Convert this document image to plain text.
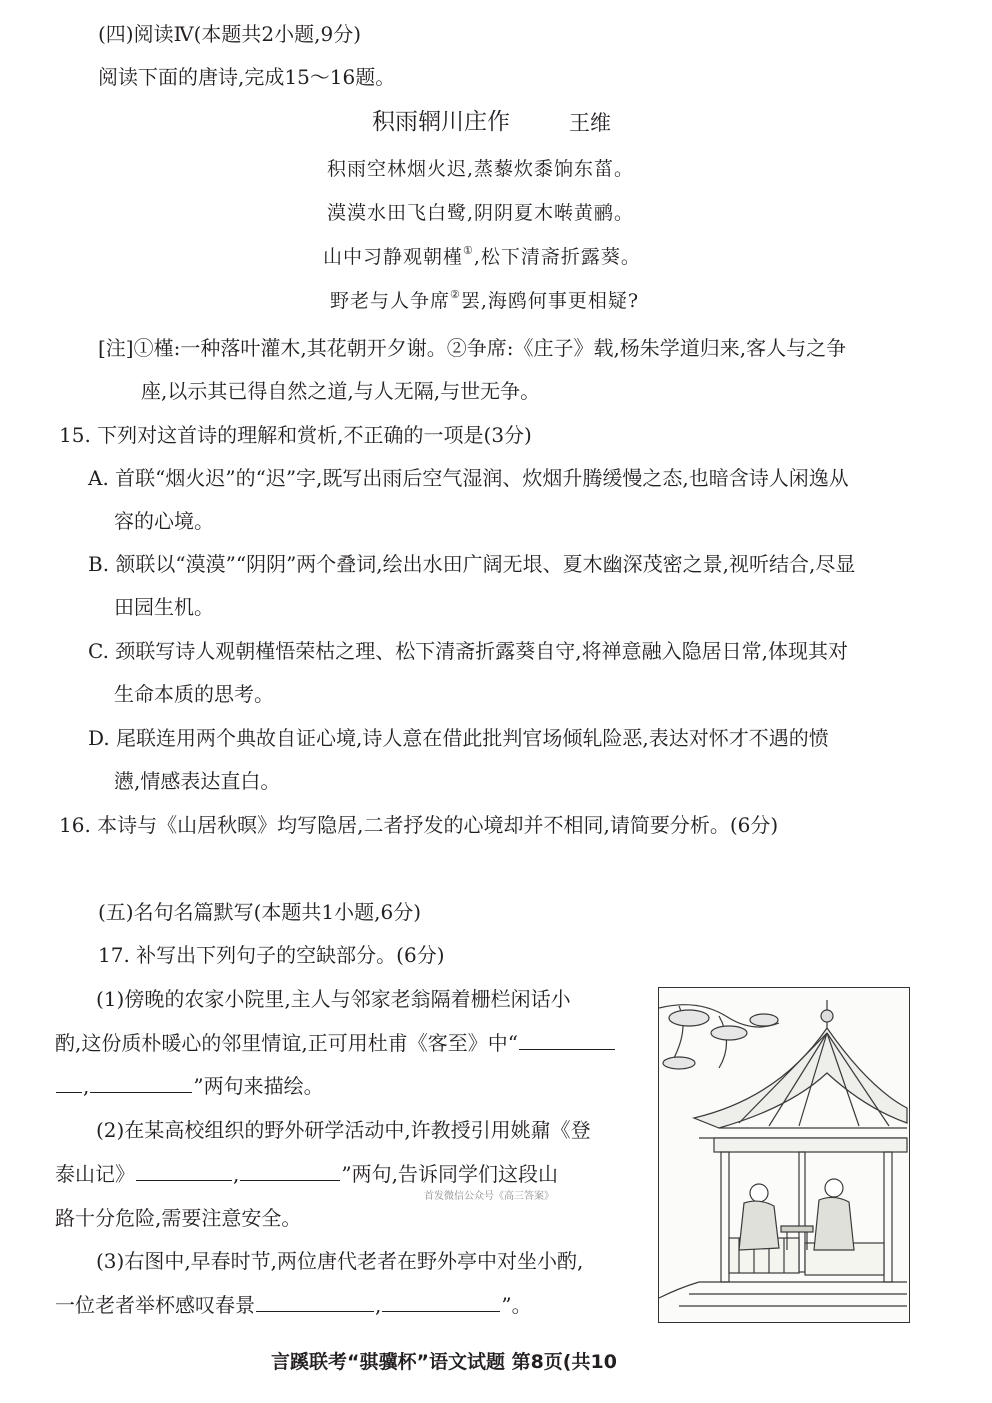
(四)阅读Ⅳ(本题共2小题,9分)
阅读下面的唐诗,完成15～16题。
积雨辋川庄作	王维
积雨空林烟火迟,蒸藜炊黍饷东菑。
漠漠水田飞白鹭,阴阴夏木啭黄鹂。
山中习静观朝槿①,松下清斋折露葵。
野老与人争席②罢,海鸥何事更相疑?
[注]①槿:一种落叶灌木,其花朝开夕谢。②争席:《庄子》载,杨朱学道归来,客人与之争
座,以示其已得自然之道,与人无隔,与世无争。
15. 下列对这首诗的理解和赏析,不正确的一项是(3分)
A. 首联“烟火迟”的“迟”字,既写出雨后空气湿润、炊烟升腾缓慢之态,也暗含诗人闲逸从
容的心境。
B. 颔联以“漠漠”“阴阴”两个叠词,绘出水田广阔无垠、夏木幽深茂密之景,视听结合,尽显
田园生机。
C. 颈联写诗人观朝槿悟荣枯之理、松下清斋折露葵自守,将禅意融入隐居日常,体现其对
生命本质的思考。
D. 尾联连用两个典故自证心境,诗人意在借此批判官场倾轧险恶,表达对怀才不遇的愤
懑,情感表达直白。
16. 本诗与《山居秋暝》均写隐居,二者抒发的心境却并不相同,请简要分析。(6分)
(五)名句名篇默写(本题共1小题,6分)
17. 补写出下列句子的空缺部分。(6分)
(1)傍晚的农家小院里,主人与邻家老翁隔着栅栏闲话小
酌,这份质朴暖心的邻里情谊,正可用杜甫《客至》中“
,	”两句来描绘。
(2)在某高校组织的野外研学活动中,许教授引用姚鼐《登
泰山记》	,	”两句,告诉同学们这段山
路十分危险,需要注意安全。
(3)右图中,早春时节,两位唐代老者在野外亭中对坐小酌,
一位老者举杯感叹春景	,	”。
首发微信公众号《高三答案》
言蹊联考“骐骥杯”语文试题 第8页(共10
